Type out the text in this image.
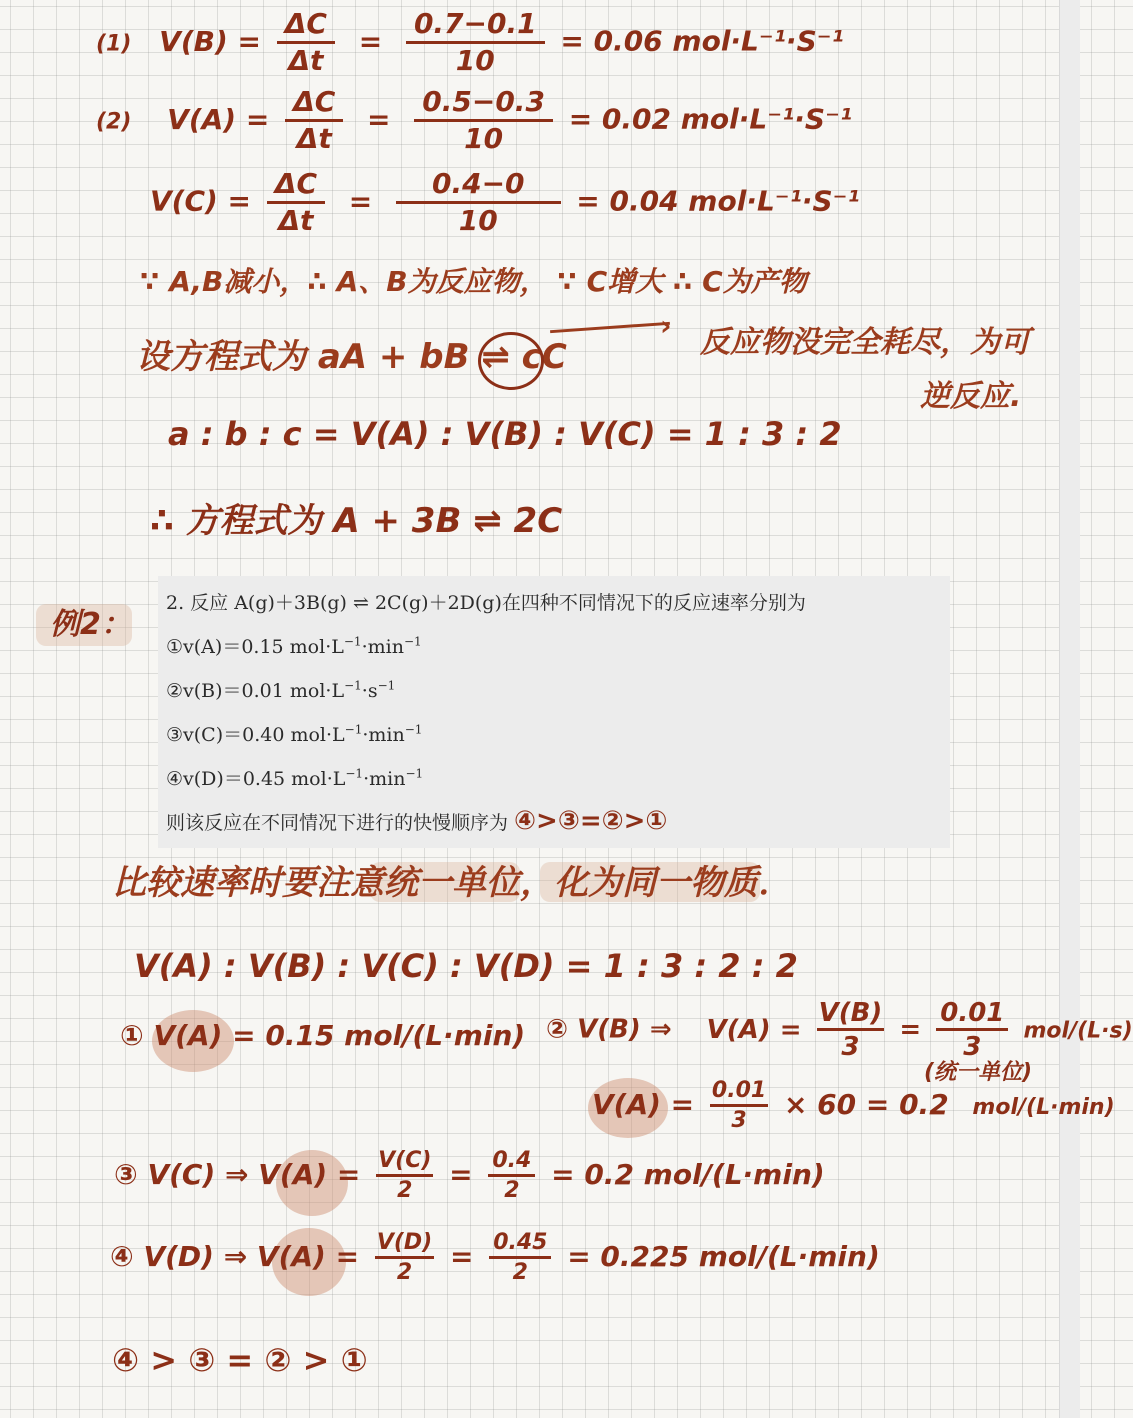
(1) $V(B) = \frac{\Delta C}{\Delta t} = \frac{0.7-0.1}{10} = 0.06$ mol·L⁻¹·S⁻¹
(2) $V(A) = \frac{\Delta C}{\Delta t} = \frac{0.5-0.3}{10} = 0.02$ mol·L⁻¹·S⁻¹
$V(C) = \frac{\Delta C}{\Delta t} = \frac{0.4-0}{10} = 0.04$ mol·L⁻¹·S⁻¹
∵ A,B减小，∴ A、B为反应物， ∵ C增大 ∴ C为产物
设方程式为 aA + bB ⇌ cC
› 反应物没完全耗尽，为可
逆反应.
a : b : c = V(A) : V(B) : V(C) = 1 : 3 : 2
∴ 方程式为 A + 3B ⇌ 2C
例2：
2. 反应 A(g)＋3B(g) ⇌ 2C(g)＋2D(g)在四种不同情况下的反应速率分别为
①v(A)＝0.15 $mol\cdot L^{-1}\cdot\min^{-1}$
②v(B)＝0.01 $mol\cdot L^{-1}\cdot s^{-1}$
③v(C)＝0.40 $mol\cdot L^{-1}\cdot\min^{-1}$
④v(D)＝0.45 $mol\cdot L^{-1}\cdot\min^{-1}$
则该反应在不同情况下进行的快慢顺序为 ④>③=②>①
比较速率时要注意统一单位，化为同一物质．
V(A) : V(B) : V(C) : V(D) = 1 : 3 : 2 : 2
① V(A) = 0.15 mol/(L·min) ② V(B) ⇒ $V(A) = \frac{V(B)}{3} = \frac{0.01}{3} mol/(L\cdot s)$
(统一单位)
$V(A) = \frac{0.01}{3} \times 60 = 0.2$ mol/(L·min)
③ V(C) ⇒ $V(A) = \frac{V(C)}{2} = \frac{0.4}{2} = 0.2$ mol/(L·min)
④ V(D) ⇒ $V(A) = \frac{V(D)}{2} = \frac{0.45}{2} = 0.225$ mol/(L·min)
④ > ③ = ② > ①
